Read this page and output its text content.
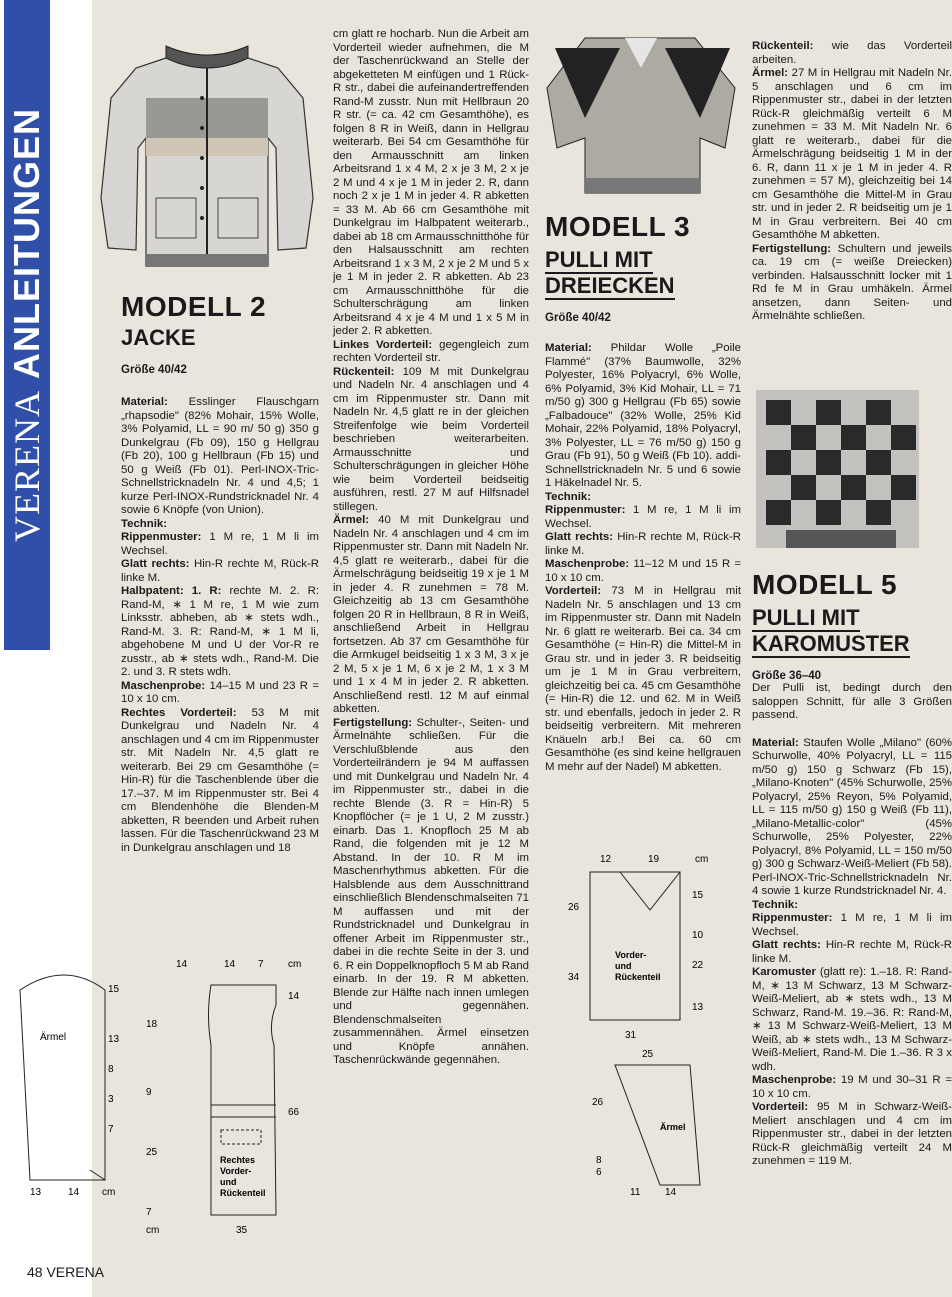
VERENA ANLEITUNGEN	MODELL 2
JACKE
Größe 40/42

Material: Esslinger Flauschgarn „rhapsodie" (82% Mohair, 15% Wolle, 3% Polyamid, LL = 90 m/ 50 g) 350 g Dunkelgrau (Fb 09), 150 g Hellgrau (Fb 20), 100 g Hellbraun (Fb 15) und 50 g Weiß (Fb 01). Perl-INOX-Tric-Schnellstricknadeln Nr. 4 und 4,5; 1 kurze Perl-INOX-Rundstricknadel Nr. 4 sowie 6 Knöpfe (von Union).

Technik:

Rippenmuster: 1 M re, 1 M li im Wechsel.

Glatt rechts: Hin-R rechte M, Rück-R linke M.

Halbpatent: 1. R: rechte M. 2. R: Rand-M, ∗ 1 M re, 1 M wie zum Linksstr. abheben, ab ∗ stets wdh., Rand-M. 3. R: Rand-M, ∗ 1 M li, abgehobene M und U der Vor-R re zusstr., ab ∗ stets wdh., Rand-M. Die 2. und 3. R stets wdh.

Maschenprobe: 14–15 M und 23 R = 10 x 10 cm.

Rechtes Vorderteil: 53 M mit Dunkelgrau und Nadeln Nr. 4 anschlagen und 4 cm im Rippenmuster str. Mit Nadeln Nr. 4,5 glatt re weiterarb. Bei 29 cm Gesamthöhe (= Hin-R) für die Taschenblende über die 17.–37. M im Rippenmuster str. Bei 4 cm Blendenhöhe die Blenden-M abketten, R beenden und Arbeit ruhen lassen. Für die Taschenrückwand 23 M in Dunkelgrau anschlagen und 18

cm glatt re hocharb. Nun die Arbeit am Vorderteil wieder aufnehmen, die M der Taschenrückwand an Stelle der abgeketteten M einfügen und 1 Rück-R str., dabei die aufeinandertreffenden Rand-M zusstr. Nun mit Hellbraun 20 R str. (= ca. 42 cm Gesamthöhe), es folgen 8 R in Weiß, dann in Hellgrau weiterarb. Bei 54 cm Gesamthöhe für den Armausschnitt am linken Arbeitsrand 1 x 4 M, 2 x je 3 M, 2 x je 2 M und 4 x je 1 M in jeder 2. R, dann noch 2 x je 1 M in jeder 4. R abketten = 33 M. Ab 66 cm Gesamthöhe mit Dunkelgrau im Halbpatent weiterarb., dabei ab 18 cm Armausschnitthöhe für den Halsausschnitt am rechten Arbeitsrand 1 x 3 M, 2 x je 2 M und 5 x je 1 M in jeder 2. R abketten. Ab 23 cm Armausschnitthöhe für die Schulterschrägung am linken Arbeitsrand 4 x je 4 M und 1 x 5 M in jeder 2. R abketten.

Linkes Vorderteil: gegengleich zum rechten Vorderteil str.

Rückenteil: 109 M mit Dunkelgrau und Nadeln Nr. 4 anschlagen und 4 cm im Rippenmuster str. Dann mit Nadeln Nr. 4,5 glatt re in der gleichen Streifenfolge wie beim Vorderteil beschrieben weiterarbeiten. Armausschnitte und Schulterschrägungen in gleicher Höhe wie beim Vorderteil beidseitig ausführen, restl. 27 M auf Hilfsnadel stillegen.

Ärmel: 40 M mit Dunkelgrau und Nadeln Nr. 4 anschlagen und 4 cm im Rippenmuster str. Dann mit Nadeln Nr. 4,5 glatt re weiterarb., dabei für die Ärmelschrägung beidseitig 19 x je 1 M in jeder 4. R zunehmen = 78 M. Gleichzeitig ab 13 cm Gesamthöhe folgen 20 R in Hellbraun, 8 R in Weiß, anschließend Arbeit in Hellgrau fortsetzen. Ab 37 cm Gesamthöhe für die Armkugel beidseitig 1 x 3 M, 3 x je 2 M, 5 x je 1 M, 6 x je 2 M, 1 x 3 M und 1 x 4 M in jeder 2. R abketten. Anschließend restl. 12 M auf einmal abketten.

Fertigstellung: Schulter-, Seiten- und Ärmelnähte schließen. Für die Verschlußblende aus den Vorderteilrändern je 94 M auffassen und mit Dunkelgrau und Nadeln Nr. 4 im Rippenmuster str., dabei in die rechte Blende (3. R = Hin-R) 5 Knopflöcher (= je 1 U, 2 M zusstr.) einarb. Das 1. Knopfloch 25 M ab Rand, die folgenden mit je 12 M Abstand. In der 10. R M im Maschenrhythmus abketten. Für die Halsblende aus dem Ausschnittrand einschließlich Blendenschmalseiten 71 M auffassen und mit der Rundstricknadel und Dunkelgrau in offener Arbeit im Rippenmuster str., dabei in die rechte Seite in der 3. und 6. R ein Doppelknopfloch 5 M ab Rand einarb. In der 19. R M abketten. Blende zur Hälfte nach innen umlegen und gegennähen. Blendenschmalseiten zusammennähen. Ärmel einsetzen und Knöpfe annähen. Taschenrückwände gegennähen.

MODELL 3
PULLI MIT
DREIECKEN
Größe 40/42

Material: Phildar Wolle „Poile Flammé" (37% Baumwolle, 32% Polyester, 16% Polyacryl, 6% Wolle, 6% Polyamid, 3% Kid Mohair, LL = 71 m/50 g) 300 g Hellgrau (Fb 65) sowie „Falbadouce" (32% Wolle, 25% Kid Mohair, 22% Polyamid, 18% Polyacryl, 3% Polyester, LL = 76 m/50 g) 150 g Grau (Fb 91), 50 g Weiß (Fb 10). addi-Schnellstricknadeln Nr. 5 und 6 sowie 1 Häkelnadel Nr. 5.

Technik:

Rippenmuster: 1 M re, 1 M li im Wechsel.

Glatt rechts: Hin-R rechte M, Rück-R linke M.

Maschenprobe: 11–12 M und 15 R = 10 x 10 cm.

Vorderteil: 73 M in Hellgrau mit Nadeln Nr. 5 anschlagen und 13 cm im Rippenmuster str. Dann mit Nadeln Nr. 6 glatt re weiterarb. Bei ca. 34 cm Gesamthöhe (= Hin-R) die Mittel-M in Grau str. und in jeder 3. R beidseitig um je 1 M in Grau verbreitern, gleichzeitig bei ca. 45 cm Gesamthöhe (= Hin-R) die 12. und 62. M in Weiß str. und ebenfalls, jedoch in jeder 2. R beidseitig verbreitern. Mit mehreren Knäueln arb.! Bei ca. 60 cm Gesamthöhe (es sind keine hellgrauen M mehr auf der Nadel) M abketten.

Rückenteil: wie das Vorderteil arbeiten.

Ärmel: 27 M in Hellgrau mit Nadeln Nr. 5 anschlagen und 6 cm im Rippenmuster str., dabei in der letzten Rück-R gleichmäßig verteilt 6 M zunehmen = 33 M. Mit Nadeln Nr. 6 glatt re weiterarb., dabei für die Ärmelschrägung beidseitig 1 M in der 6. R, dann 11 x je 1 M in jeder 4. R zunehmen = 57 M), gleichzeitig bei 14 cm Gesamthöhe die Mittel-M in Grau str. und in jeder 2. R beidseitig um je 1 M in Grau verbreitern. Bei 40 cm Gesamthöhe M abketten.

Fertigstellung: Schultern und jeweils ca. 19 cm (= weiße Dreiecken) verbinden. Halsausschnitt locker mit 1 Rd fe M in Grau umhäkeln. Ärmel ansetzen, dann Seiten- und Ärmelnähte schließen.

MODELL 5
PULLI MIT
KAROMUSTER
Größe 36–40

Der Pulli ist, bedingt durch den saloppen Schnitt, für alle 3 Größen passend.

Material: Staufen Wolle „Milano" (60% Schurwolle, 40% Polyacryl, LL = 115 m/50 g) 150 g Schwarz (Fb 15), „Milano-Knoten" (45% Schurwolle, 25% Polyacryl, 25% Reyon, 5% Polyamid, LL = 115 m/50 g) 150 g Weiß (Fb 11), „Milano-Metallic-color" (45% Schurwolle, 25% Polyester, 22% Polyacryl, 8% Polyamid, LL = 150 m/50 g) 300 g Schwarz-Weiß-Meliert (Fb 58). Perl-INOX-Tric-Schnellstricknadeln Nr. 4 sowie 1 kurze Rundstricknadel Nr. 4.

Technik:

Rippenmuster: 1 M re, 1 M li im Wechsel.

Glatt rechts: Hin-R rechte M, Rück-R linke M.

Karomuster (glatt re): 1.–18. R: Rand-M, ∗ 13 M Schwarz, 13 M Schwarz-Weiß-Meliert, ab ∗ stets wdh., 13 M Schwarz, Rand-M. 19.–36. R: Rand-M, ∗ 13 M Schwarz-Weiß-Meliert, 13 M Weiß, ab ∗ stets wdh., 13 M Schwarz-Weiß-Meliert, Rand-M. Die 1.–36. R 3 x wdh.

Maschenprobe: 19 M und 30–31 R = 10 x 10 cm.

Vorderteil: 95 M in Schwarz-Weiß-Meliert anschlagen und 4 cm im Rippenmuster str., dabei in der letzten Rück-R gleichmäßig verteilt 24 M zunehmen = 119 M.

Ärmel
15
13
8
3
7
13	14 cm
14	14 7 cm
Rechtes
Vorder-
und
Rückenteil
18
9
25
7
14
66
35
cm
12	19	cm
Vorder-
und
Rückenteil
26
34
15
10
22
13
31
25
Ärmel
26
8
6
11 14
48 VERENA
